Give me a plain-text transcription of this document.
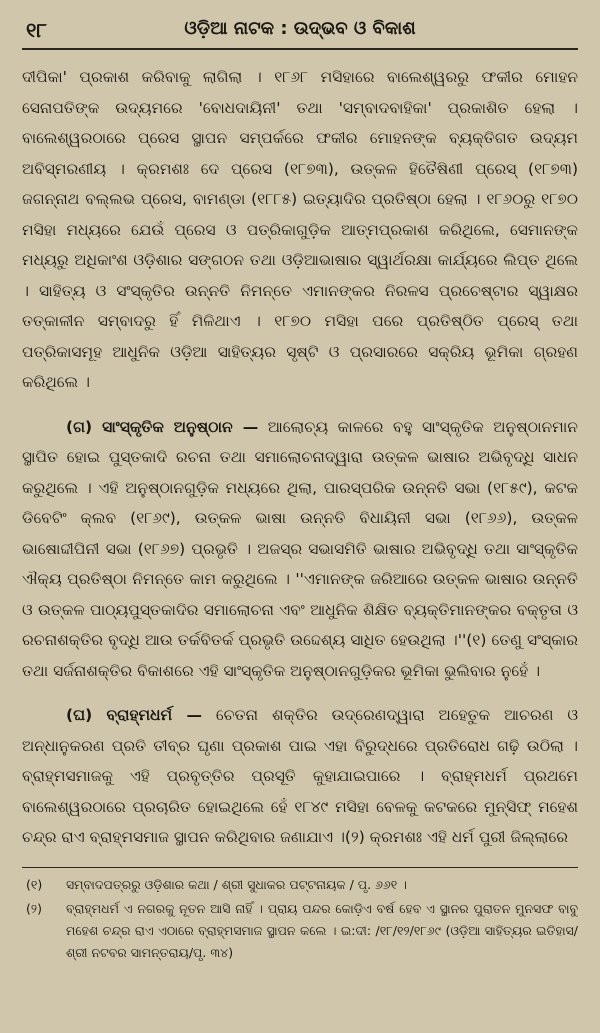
୧୮	ଓଡ଼ିଆ ନାଟକ : ଉଦ୍ଭବ ଓ ବିକାଶ

ଦୀପିକା' ପ୍ରକାଶ କରିବାକୁ ଲାଗିଲା । ୧୮୬୮ ମସିହାରେ ବାଲେଶ୍ୱରରୁ ଫକୀର ମୋହନ ସେନାପତିଙ୍କ ଉଦ୍ୟମରେ 'ବୋଧଦାୟିନୀ' ତଥା 'ସମ୍ବାଦବାହିକା' ପ୍ରକାଶିତ ହେଲା । ବାଲେଶ୍ୱରଠାରେ ପ୍ରେସ ସ୍ଥାପନ ସମ୍ପର୍କରେ ଫକୀର ମୋହନଙ୍କ ବ୍ୟକ୍ତିଗତ ଉଦ୍ୟମ ଅବିସ୍ମରଣୀୟ । କ୍ରମଶଃ ଦେ ପ୍ରେସ (୧୮୭୩), ଉତ୍କଳ ହିତୈଷିଣୀ ପ୍ରେସ୍ (୧୮୭୩) ଜଗନ୍ନାଥ ବଲ୍ଲଭ ପ୍ରେସ, ବାମଣ୍ଡା (୧୮୮୫) ଇତ୍ୟାଦିର ପ୍ରତିଷ୍ଠା ହେଲା । ୧୮୬୦ରୁ ୧୮୭୦ ମସିହା ମଧ୍ୟରେ ଯେଉଁ ପ୍ରେସ ଓ ପତ୍ରିକାଗୁଡ଼ିକ ଆତ୍ମପ୍ରକାଶ କରିଥିଲେ, ସେମାନଙ୍କ ମଧ୍ୟରୁ ଅଧିକାଂଶ ଓଡ଼ିଶାର ସଙ୍ଗଠନ ତଥା ଓଡ଼ିଆଭାଷାର ସ୍ୱାର୍ଥରକ୍ଷା କାର୍ଯ୍ୟରେ ଲିପ୍ତ ଥିଲେ । ସାହିତ୍ୟ ଓ ସଂସ୍କୃତିର ଉନ୍ନତି ନିମନ୍ତେ ଏମାନଙ୍କର ନିରଳସ ପ୍ରଚେଷ୍ଟାର ସ୍ୱାକ୍ଷର ତତ୍କାଳୀନ ସମ୍ବାଦରୁ ହିଁ ମିଳିଥାଏ । ୧୮୭୦ ମସିହା ପରେ ପ୍ରତିଷ୍ଠିତ ପ୍ରେସ୍ ତଥା ପତ୍ରିକାସମୂହ ଆଧୁନିକ ଓଡ଼ିଆ ସାହିତ୍ୟର ସୃଷ୍ଟି ଓ ପ୍ରସାରରେ ସକ୍ରିୟ ଭୂମିକା ଗ୍ରହଣ କରିଥିଲେ ।

(ଗ) ସାଂସ୍କୃତିକ ଅନୁଷ୍ଠାନ — ଆଲୋଚ୍ୟ କାଳରେ ବହୁ ସାଂସ୍କୃତିକ ଅନୁଷ୍ଠାନମାନ ସ୍ଥାପିତ ହୋଇ ପୁସ୍ତକାଦି ରଚନା ତଥା ସମାଲୋଚନାଦ୍ୱାରା ଉତ୍କଳ ଭାଷାର ଅଭିବୃଦ୍ଧି ସାଧନ କରୁଥିଲେ । ଏହି ଅନୁଷ୍ଠାନଗୁଡ଼ିକ ମଧ୍ୟରେ ଥିଲା, ପାରସ୍ପରିକ ଉନ୍ନତି ସଭା (୧୮୫୯), କଟକ ଡିବେଟିଂ କ୍ଲବ (୧୮୬୯), ଉତ୍କଳ ଭାଷା ଉନ୍ନତି ବିଧାୟିନୀ ସଭା (୧୮୬୬), ଉତ୍କଳ ଭାଷୋଦ୍ଦୀପିନୀ ସଭା (୧୮୬୭) ପ୍ରଭୃତି । ଅଜସ୍ର ସଭାସମିତି ଭାଷାର ଅଭିବୃଦ୍ଧି ତଥା ସାଂସ୍କୃତିକ ଐକ୍ୟ ପ୍ରତିଷ୍ଠା ନିମନ୍ତେ କାମ କରୁଥିଲେ । ''ଏମାନଙ୍କ ଜରିଆରେ ଉତ୍କଳ ଭାଷାର ଉନ୍ନତି ଓ ଉତ୍କଳ ପାଠ୍ୟପୁସ୍ତକାଦିର ସମାଲୋଚନା ଏବଂ ଆଧୁନିକ ଶିକ୍ଷିତ ବ୍ୟକ୍ତିମାନଙ୍କର ବକ୍ତୃତା ଓ ରଚନାଶକ୍ତିର ବୃଦ୍ଧି ଆଉ ତର୍କବିତର୍କ ପ୍ରଭୃତି ଉଦ୍ଦେଶ୍ୟ ସାଧିତ ହେଉଥିଲା ।''(୧) ତେଣୁ ସଂସ୍କାର ତଥା ସର୍ଜନାଶକ୍ତିର ବିକାଶରେ ଏହି ସାଂସ୍କୃତିକ ଅନୁଷ୍ଠାନଗୁଡ଼ିକର ଭୂମିକା ଭୁଲିବାର ନୁହେଁ ।

(ଘ) ବ୍ରାହ୍ମଧର୍ମ — ଚେତନା ଶକ୍ତିର ଉଦ୍ରେଣଦ୍ୱାରା ଅହେତୁକ ଆଚରଣ ଓ ଅନ୍ଧାନୁକରଣ ପ୍ରତି ତୀବ୍ର ଘୃଣା ପ୍ରକାଶ ପାଇ ଏହା ବିରୁଦ୍ଧରେ ପ୍ରତିରୋଧ ଗଢ଼ି ଉଠିଲା । ବ୍ରାହ୍ମସମାଜକୁ ଏହି ପ୍ରବୃତ୍ତିର ପ୍ରସୂତି କୁହାଯାଇପାରେ । ବ୍ରାହ୍ମଧର୍ମ ପ୍ରଥମେ ବାଲେଶ୍ୱରଠାରେ ପ୍ରଚାରିତ ହୋଇଥିଲେ ହେଁ ୧୮୪୯ ମସିହା ବେଳକୁ କଟକରେ ମୁନ୍‌ସିଫ୍ ମହେଶ ଚନ୍ଦ୍ର ରାଏ ବ୍ରାହ୍ମସମାଜ ସ୍ଥାପନ କରିଥିବାର ଜଣାଯାଏ ।(୨) କ୍ରମଶଃ ଏହି ଧର୍ମ ପୁରୀ ଜିଲ୍ଲାରେ

(୧)	ସମ୍ବାଦପତ୍ରରୁ ଓଡ଼ିଶାର କଥା / ଶ୍ରୀ ସୁଧାକର ପଟ୍ଟନାୟକ / ପୃ. ୬୬୧ ।
(୨)	ବ୍ରାହ୍ମଧର୍ମ ଏ ନଗରକୁ ନୂତନ ଆସି ନାହିଁ । ପ୍ରାୟ ପନ୍ଦର କୋଡ଼ିଏ ବର୍ଷ ହେବ ଏ ସ୍ଥାନର ପୁରାତନ ମୁନସଫ ବାବୁ ମହେଶ ଚନ୍ଦ୍ର ରାଏ ଏଠାରେ ବ୍ରାହ୍ମସମାଜ ସ୍ଥାପନ କଲେ । ଇ:ଦୀ: /୧୮/୧୨/୧୮୬୯ (ଓଡ଼ିଆ ସାହିତ୍ୟର ଇତିହାସ/ଶ୍ରୀ ନଟବର ସାମନ୍ତରାୟ/ପୃ. ୩୪)
